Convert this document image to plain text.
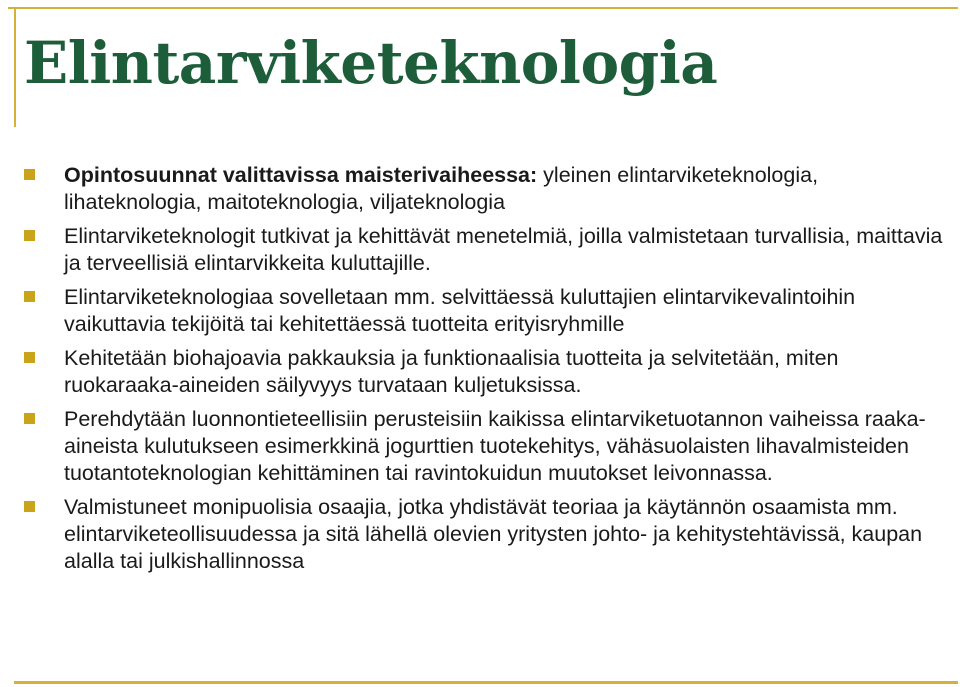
Elintarviketeknologia
Opintosuunnat valittavissa maisterivaiheessa: yleinen elintarviketeknologia, lihateknologia, maitoteknologia, viljateknologia
Elintarviketeknologit tutkivat ja kehittävät menetelmiä, joilla valmistetaan turvallisia, maittavia ja terveellisiä elintarvikkeita kuluttajille.
Elintarviketeknologiaa sovelletaan mm. selvittäessä kuluttajien elintarvikevalintoihin vaikuttavia tekijöitä tai kehitettäessä tuotteita erityisryhmille
Kehitetään biohajoavia pakkauksia ja funktionaalisia tuotteita ja selvitetään, miten ruokaraaka-aineiden säilyvyys turvataan kuljetuksissa.
Perehdytään luonnontieteellisiin perusteisiin kaikissa elintarviketuotannon vaiheissa raaka-aineista kulutukseen esimerkkinä jogurttien tuotekehitys, vähäsuolaisten lihavalmisteiden tuotantoteknologian kehittäminen tai ravintokuidun muutokset leivonnassa.
Valmistuneet monipuolisia osaajia, jotka yhdistävät teoriaa ja käytännön osaamista mm. elintarviketeollisuudessa ja sitä lähellä olevien yritysten johto- ja kehitystehtävissä, kaupan alalla tai julkishallinnossa
